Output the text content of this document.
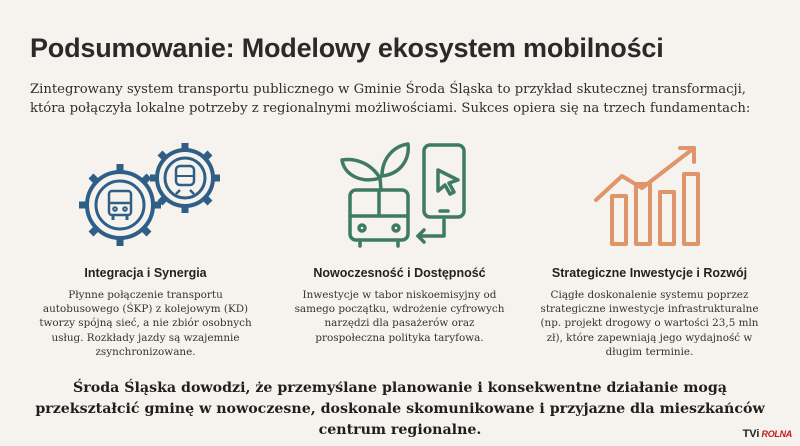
Podsumowanie: Modelowy ekosystem mobilności
Zintegrowany system transportu publicznego w Gminie Środa Śląska to przykład skutecznej transformacji, która połączyła lokalne potrzeby z regionalnymi możliwościami. Sukces opiera się na trzech fundamentach:
Integracja i Synergia
Płynne połączenie transportu autobusowego (ŚKP) z kolejowym (KD) tworzy spójną sieć, a nie zbiór osobnych usług. Rozkłady jazdy są wzajemnie zsynchronizowane.
Nowoczesność i Dostępność
Inwestycje w tabor niskoemisyjny od samego początku, wdrożenie cyfrowych narzędzi dla pasażerów oraz prospołeczna polityka taryfowa.
Strategiczne Inwestycje i Rozwój
Ciągłe doskonalenie systemu poprzez strategiczne inwestycje infrastrukturalne (np. projekt drogowy o wartości 23,5 mln zł), które zapewniają jego wydajność w długim terminie.
Środa Śląska dowodzi, że przemyślane planowanie i konsekwentne działanie mogą przekształcić gminę w nowoczesne, doskonale skomunikowane i przyjazne dla mieszkańców centrum regionalne.	TVi ROLNA
